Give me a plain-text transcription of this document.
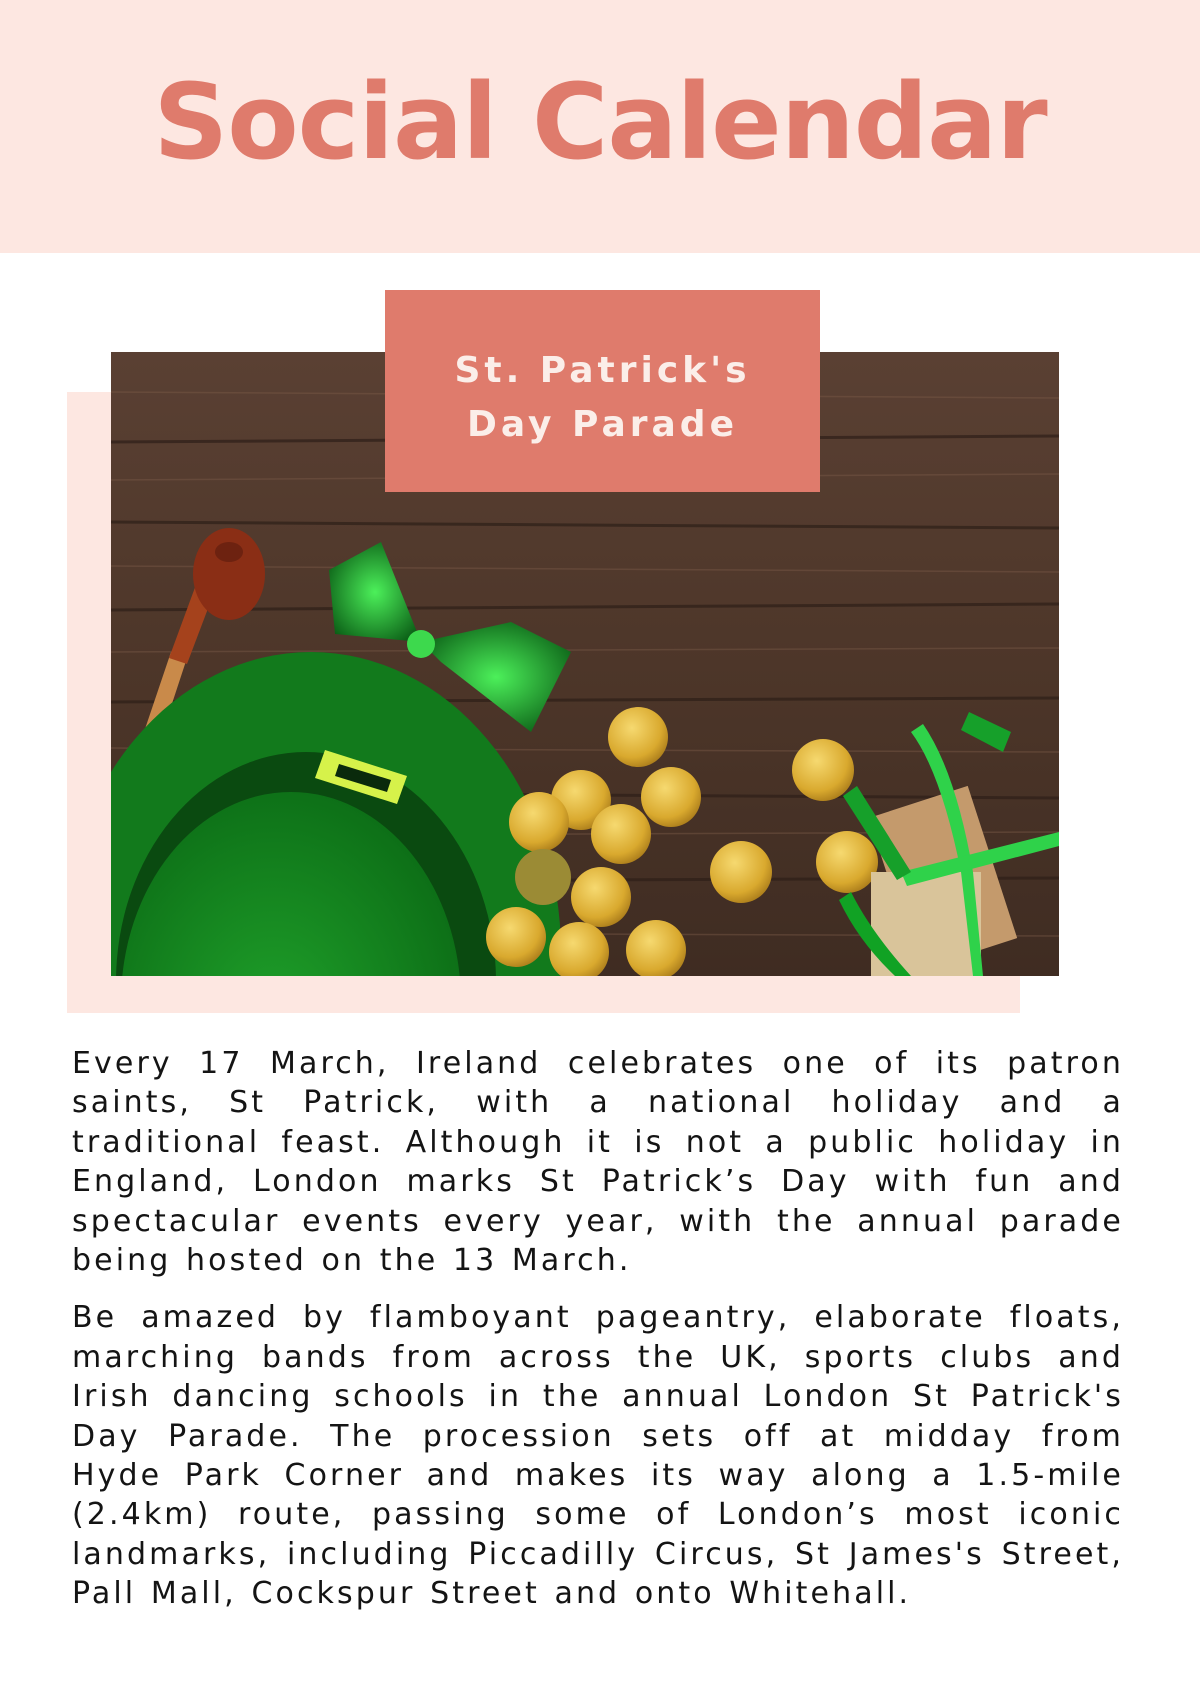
Social Calendar
St. Patrick's
Day Parade

Every 17 March, Ireland celebrates one of its patron saints, St Patrick, with a national holiday and a traditional feast. Although it is not a public holiday in England, London marks St Patrick’s Day with fun and spectacular events every year, with the annual parade being hosted on the 13 March.

Be amazed by flamboyant pageantry, elaborate floats, marching bands from across the UK, sports clubs and Irish dancing schools in the annual London St Patrick's Day Parade. The procession sets off at midday from Hyde Park Corner and makes its way along a 1.5-mile (2.4km) route, passing some of London’s most iconic landmarks, including Piccadilly Circus, St James's Street, Pall Mall, Cockspur Street and onto Whitehall.
